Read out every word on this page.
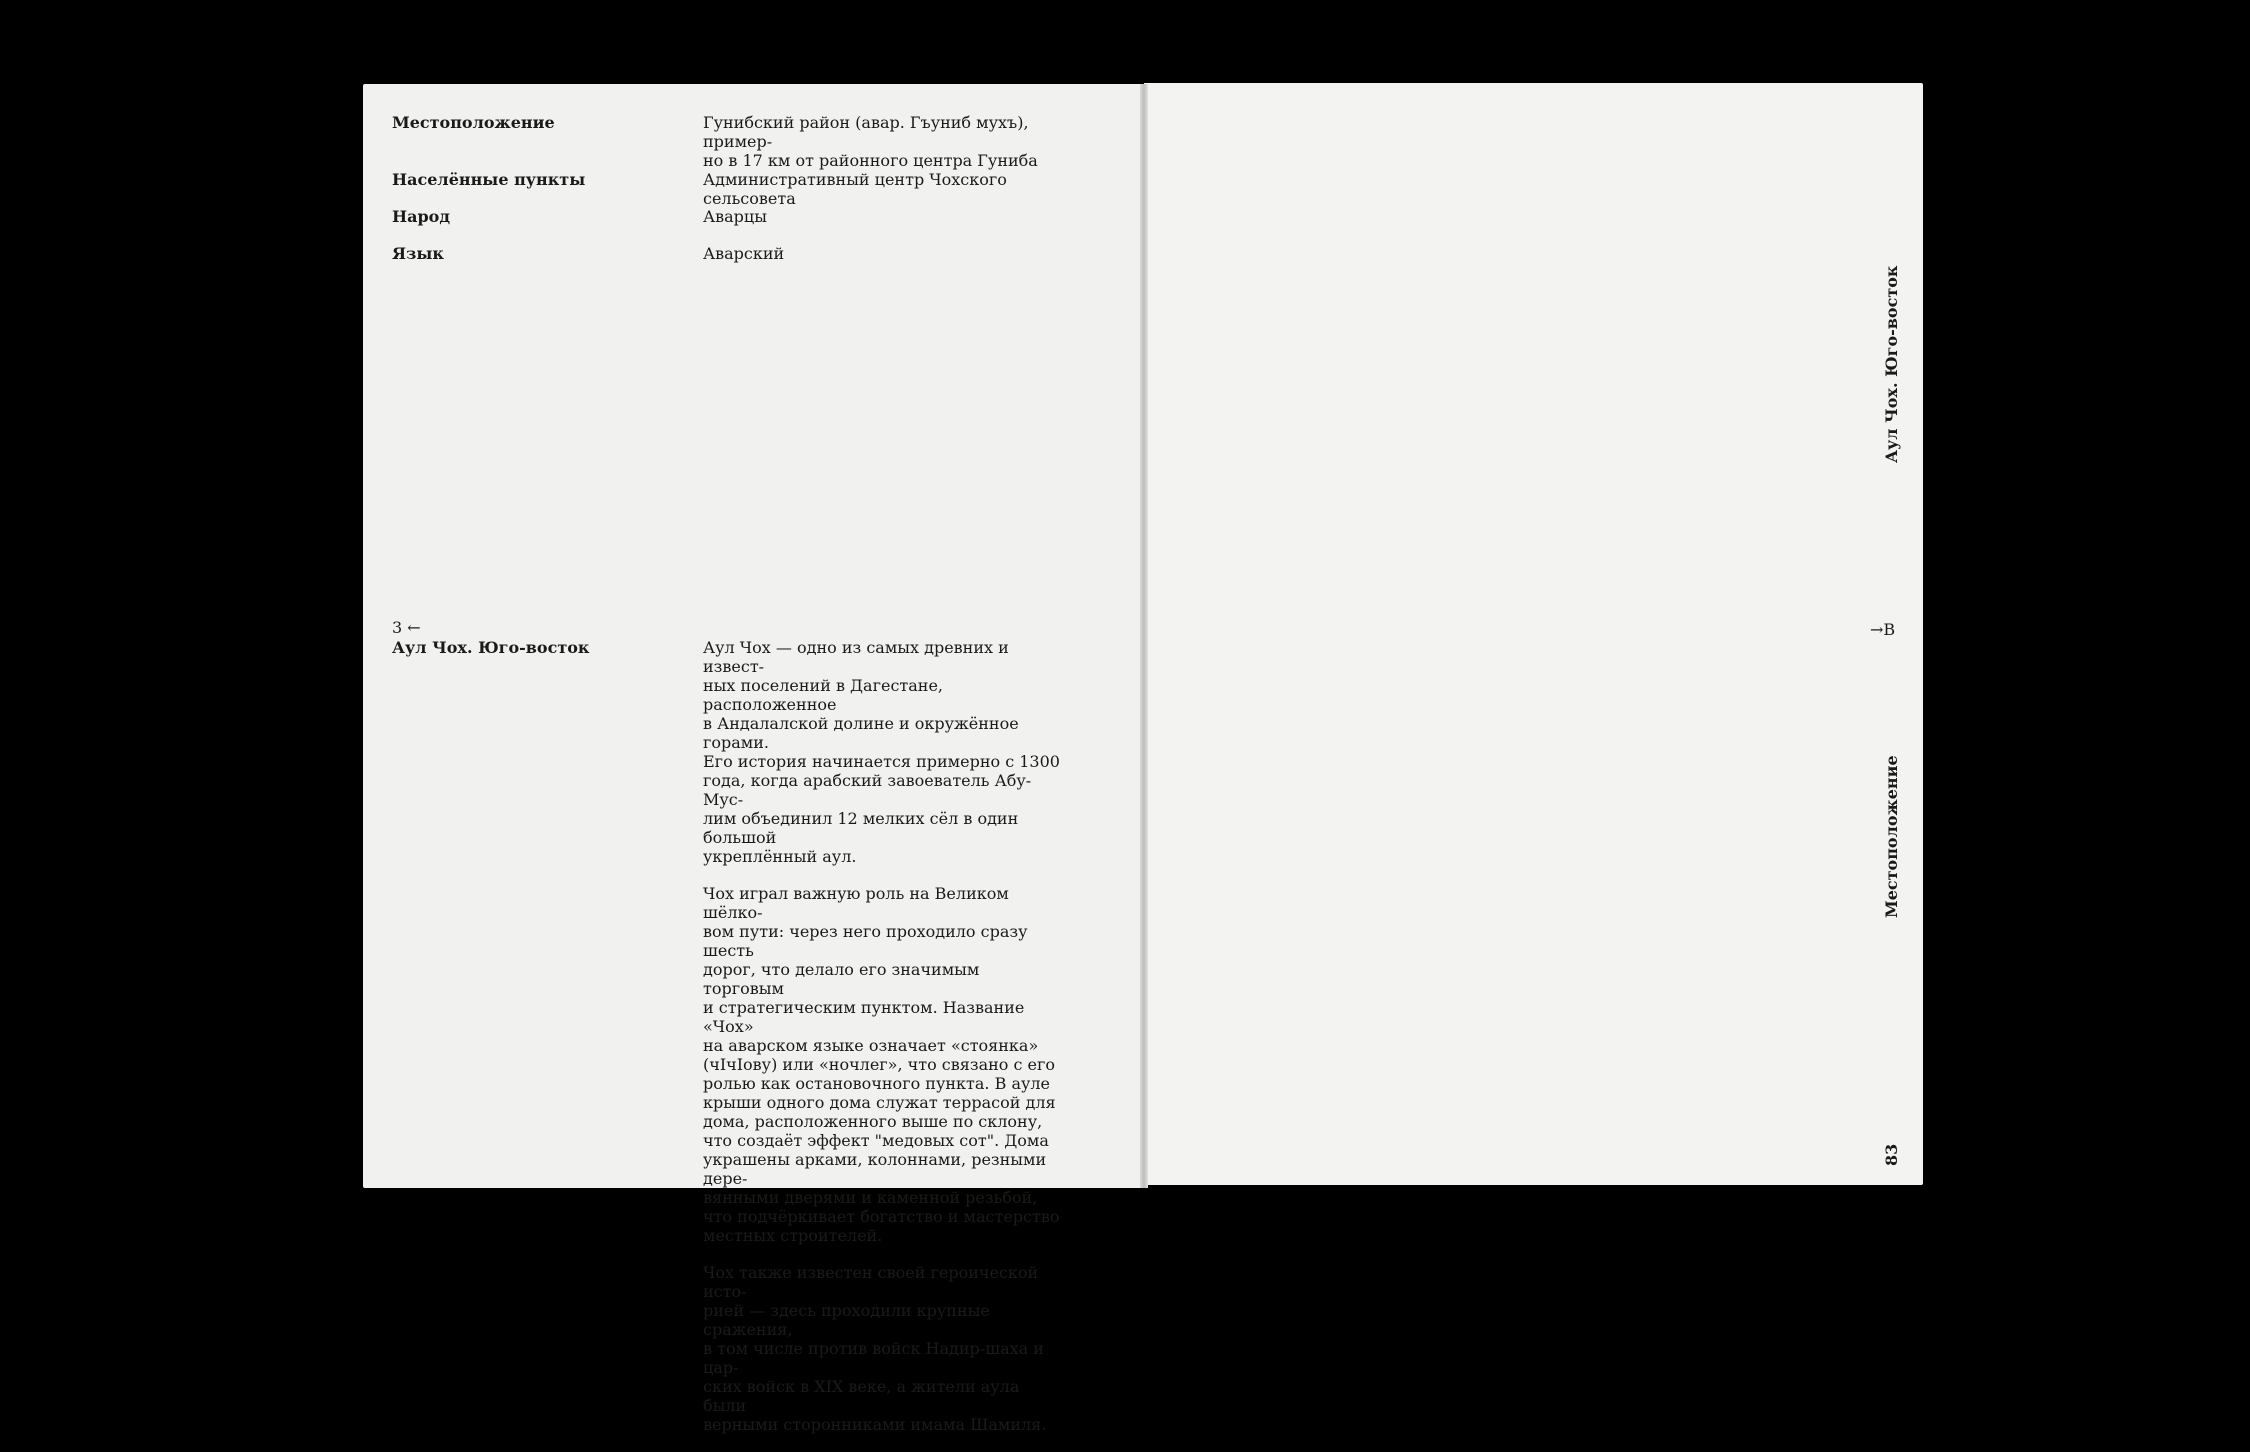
Местоположение	Гунибский район (авар. Гъуниб мухъ), пример-
но в 17 км от районного центра Гуниба
Населённые пункты	Административный центр Чохского сельсовета
Народ	Аварцы
Язык	Аварский
3 ←
Аул Чох. Юго-восток	Аул Чох — одно из самых древних и извест-
ных поселений в Дагестане, расположенное
в Андалалской долине и окружённое горами.
Его история начинается примерно с 1300
года, когда арабский завоеватель Абу-Мус-
лим объединил 12 мелких сёл в один большой
укреплённый аул.

Чох играл важную роль на Великом шёлко-
вом пути: через него проходило сразу шесть
дорог, что делало его значимым торговым
и стратегическим пунктом. Название «Чох»
на аварском языке означает «стоянка»
(чIчIову) или «ночлег», что связано с его
ролью как остановочного пункта. В ауле
крыши одного дома служат террасой для
дома, расположенного выше по склону,
что создаёт эффект "медовых сот". Дома
украшены арками, колоннами, резными дере-
вянными дверями и каменной резьбой,
что подчёркивает богатство и мастерство
местных строителей.

Чох также известен своей героической исто-
рией — здесь проходили крупные сражения,
в том числе против войск Надир-шаха и цар-
ских войск в XIX веке, а жители аула были
верными сторонниками имама Шамиля.

Аул Чох. Юго-восток
→B
Местоположение
83
